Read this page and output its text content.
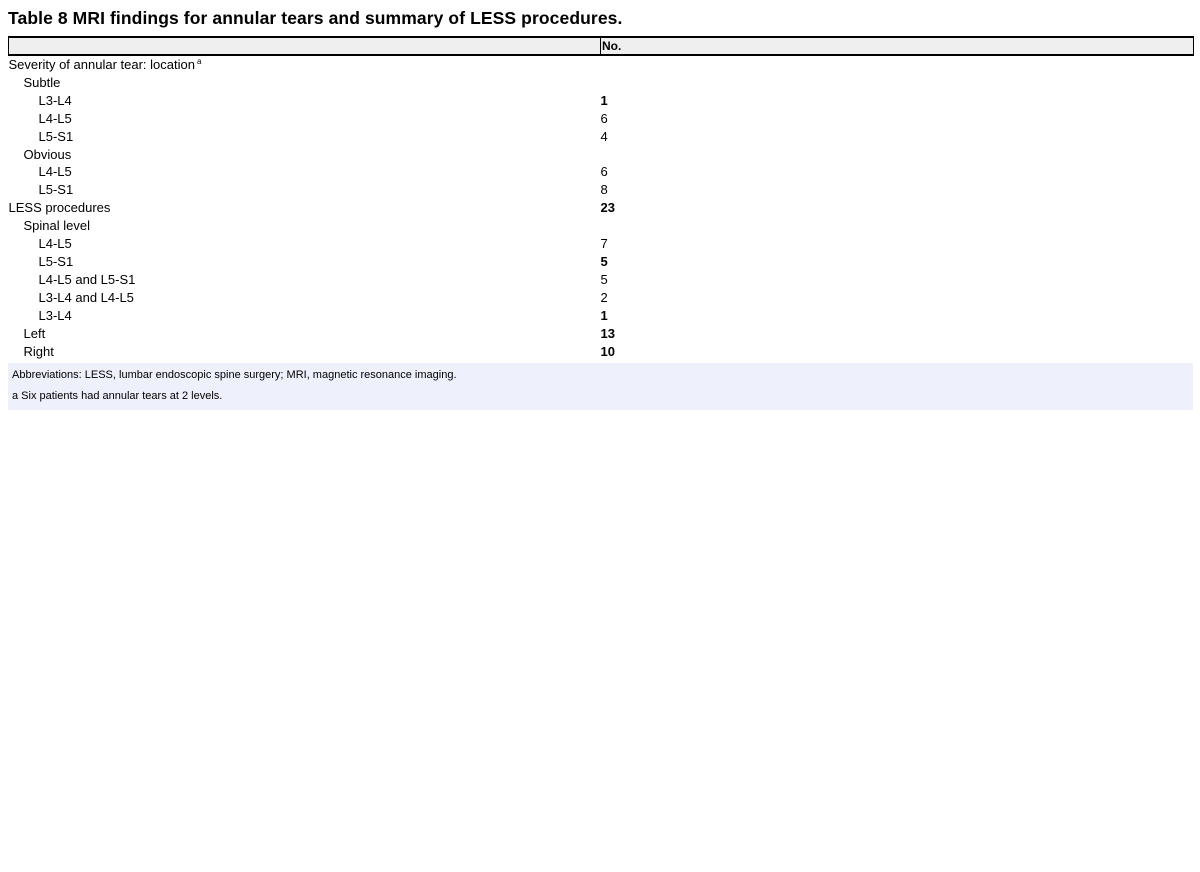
Table 8 MRI findings for annular tears and summary of LESS procedures.
	No.
Severity of annular tear: location $^a$	
Subtle	
L3-L4	1
L4-L5	6
L5-S1	4
Obvious	
L4-L5	6
L5-S1	8
LESS procedures	23
Spinal level	
L4-L5	7
L5-S1	5
L4-L5 and L5-S1	5
L3-L4 and L4-L5	2
L3-L4	1
Left	13
Right	10
Abbreviations: LESS, lumbar endoscopic spine surgery; MRI, magnetic resonance imaging.
a Six patients had annular tears at 2 levels.
